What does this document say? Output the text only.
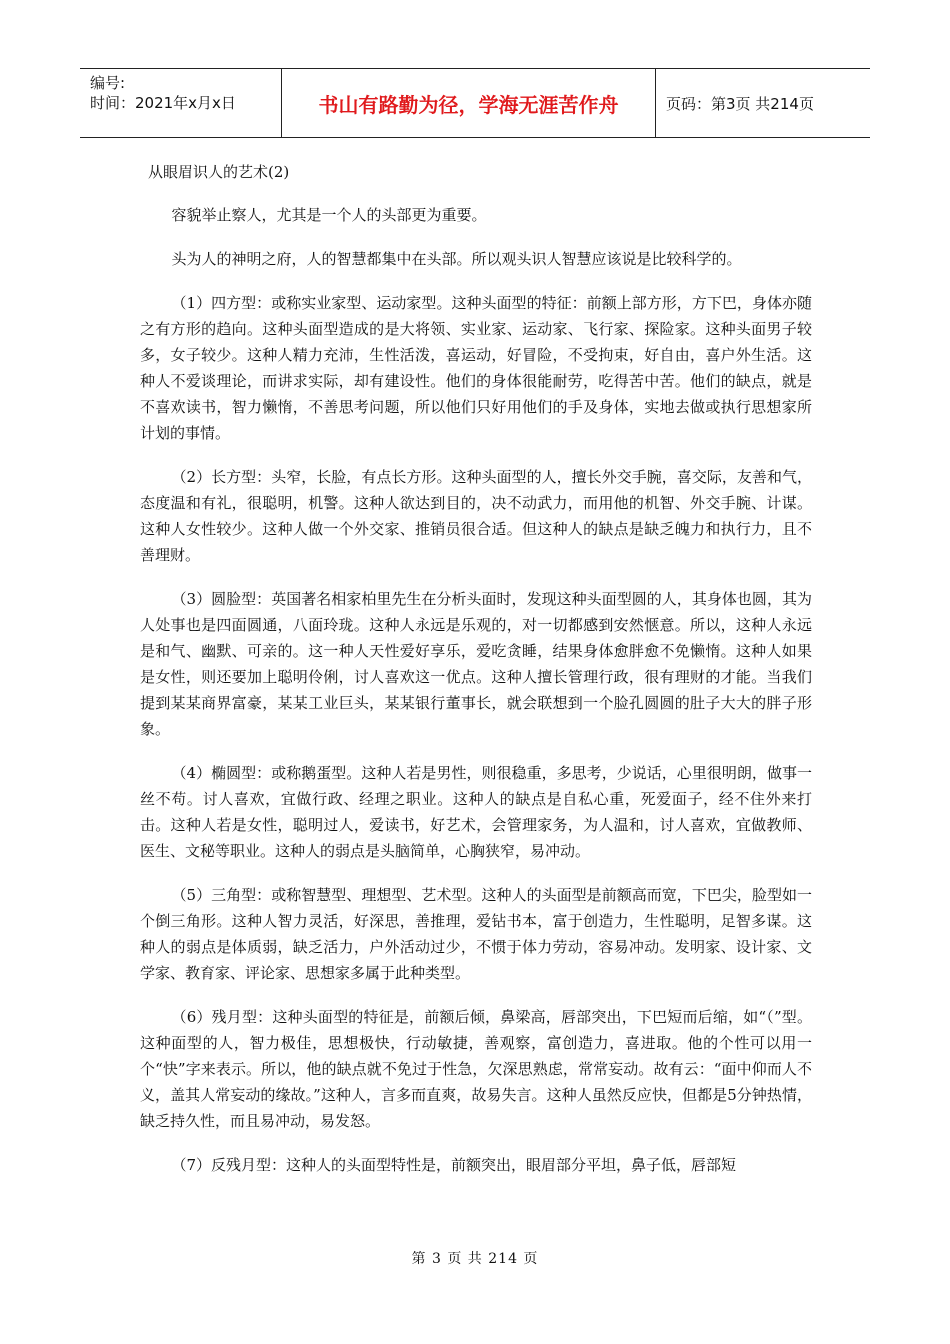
编号:
时间：2021年x月x日	书山有路勤为径，学海无涯苦作舟	页码：第3页 共214页
从眼眉识人的艺术(2)

容貌举止察人，尤其是一个人的头部更为重要。

头为人的神明之府，人的智慧都集中在头部。所以观头识人智慧应该说是比较科学的。

（1）四方型：或称实业家型、运动家型。这种头面型的特征：前额上部方形，方下巴，身体亦随之有方形的趋向。这种头面型造成的是大将领、实业家、运动家、飞行家、探险家。这种头面男子较多，女子较少。这种人精力充沛，生性活泼，喜运动，好冒险，不受拘束，好自由，喜户外生活。这种人不爱谈理论，而讲求实际，却有建设性。他们的身体很能耐劳，吃得苦中苦。他们的缺点，就是不喜欢读书，智力懒惰，不善思考问题，所以他们只好用他们的手及身体，实地去做或执行思想家所计划的事情。

（2）长方型：头窄，长脸，有点长方形。这种头面型的人，擅长外交手腕，喜交际，友善和气，态度温和有礼，很聪明，机警。这种人欲达到目的，决不动武力，而用他的机智、外交手腕、计谋。这种人女性较少。这种人做一个外交家、推销员很合适。但这种人的缺点是缺乏魄力和执行力，且不善理财。

（3）圆脸型：英国著名相家柏里先生在分析头面时，发现这种头面型圆的人，其身体也圆，其为人处事也是四面圆通，八面玲珑。这种人永远是乐观的，对一切都感到安然惬意。所以，这种人永远是和气、幽默、可亲的。这一种人天性爱好享乐，爱吃贪睡，结果身体愈胖愈不免懒惰。这种人如果是女性，则还要加上聪明伶俐，讨人喜欢这一优点。这种人擅长管理行政，很有理财的才能。当我们提到某某商界富豪，某某工业巨头，某某银行董事长，就会联想到一个脸孔圆圆的肚子大大的胖子形象。

（4）椭圆型：或称鹅蛋型。这种人若是男性，则很稳重，多思考，少说话，心里很明朗，做事一丝不苟。讨人喜欢，宜做行政、经理之职业。这种人的缺点是自私心重，死爱面子，经不住外来打击。这种人若是女性，聪明过人，爱读书，好艺术，会管理家务，为人温和，讨人喜欢，宜做教师、医生、文秘等职业。这种人的弱点是头脑简单，心胸狭窄，易冲动。

（5）三角型：或称智慧型、理想型、艺术型。这种人的头面型是前额高而宽，下巴尖，脸型如一个倒三角形。这种人智力灵活，好深思，善推理，爱钻书本，富于创造力，生性聪明，足智多谋。这种人的弱点是体质弱，缺乏活力，户外活动过少，不惯于体力劳动，容易冲动。发明家、设计家、文学家、教育家、评论家、思想家多属于此种类型。

（6）残月型：这种头面型的特征是，前额后倾，鼻梁高，唇部突出，下巴短而后缩，如“（”型。这种面型的人，智力极佳，思想极快，行动敏捷，善观察，富创造力，喜进取。他的个性可以用一个“快”字来表示。所以，他的缺点就不免过于性急，欠深思熟虑，常常妄动。故有云：“面中仰而人不义，盖其人常妄动的缘故。”这种人，言多而直爽，故易失言。这种人虽然反应快，但都是5分钟热情，缺乏持久性，而且易冲动，易发怒。

（7）反残月型：这种人的头面型特性是，前额突出，眼眉部分平坦，鼻子低，唇部短

第 3 页 共 214 页
